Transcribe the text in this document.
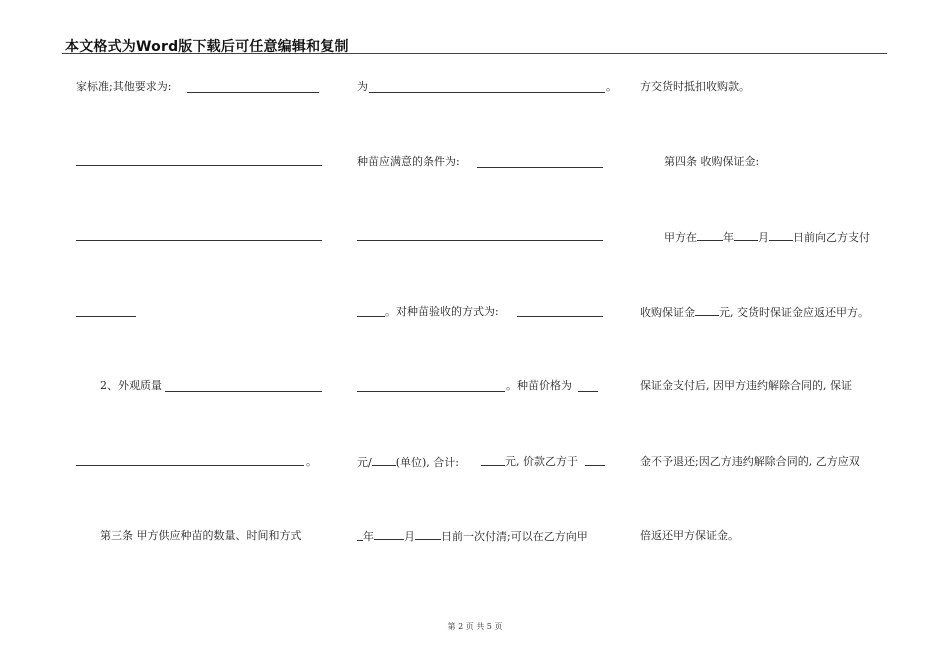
本文格式为Word版下载后可任意编辑和复制
家标准;其他要求为:
2、外观质量
。
第三条 甲方供应种苗的数量、时间和方式
为	。
种苗应满意的条件为:
。对种苗验收的方式为:
。种苗价格为
元/ (单位), 合计:	元, 价款乙方于
年	月 日前一次付清;可以在乙方向甲
方交货时抵扣收购款。
第四条 收购保证金:
甲方在 年 月 日前向乙方支付
收购保证金 元, 交货时保证金应返还甲方。
保证金支付后, 因甲方违约解除合同的, 保证
金不予退还;因乙方违约解除合同的, 乙方应双
倍返还甲方保证金。
第 2 页 共 5 页
